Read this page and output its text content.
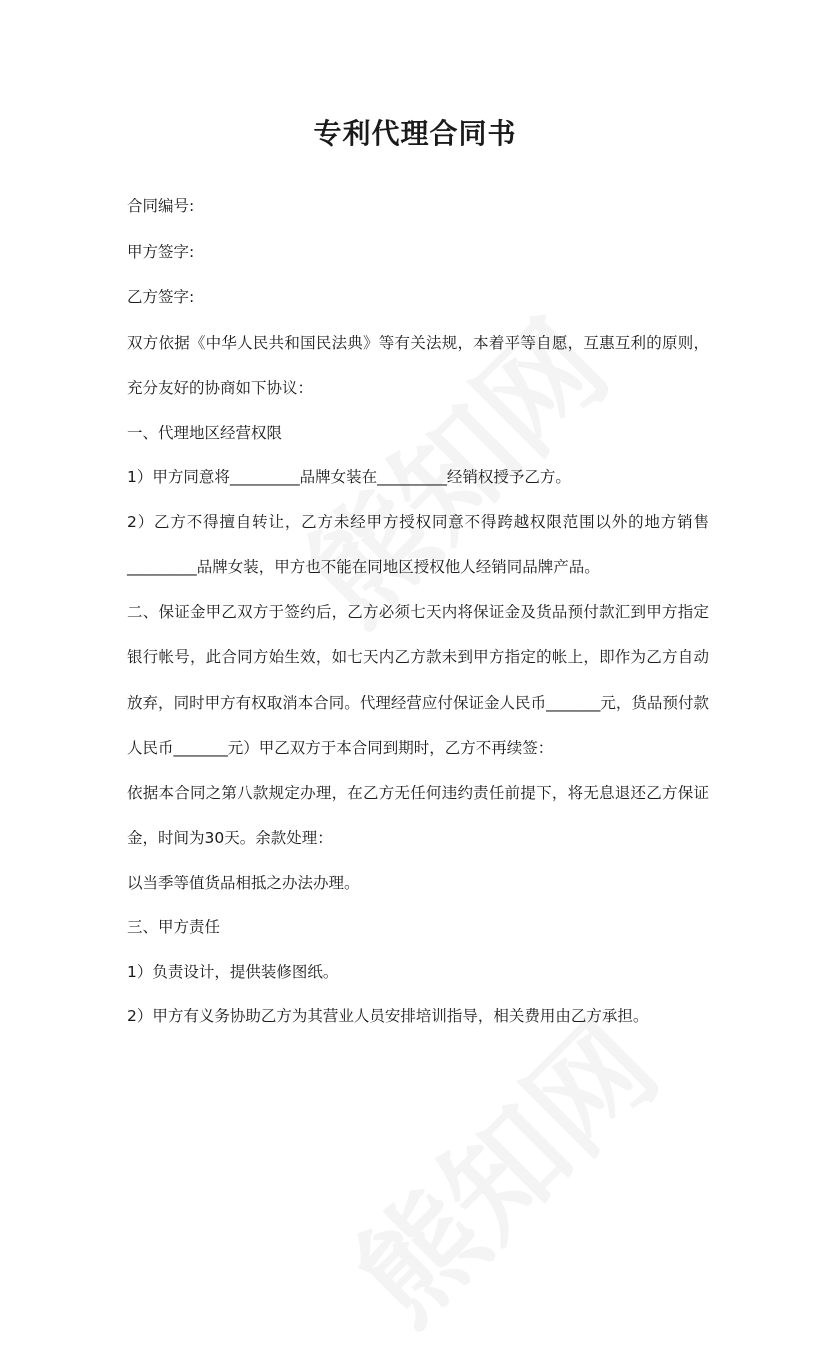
专利代理合同书

合同编号:

甲方签字:

乙方签字:

双方依据《中华人民共和国民法典》等有关法规，本着平等自愿，互惠互利的原则，充分友好的协商如下协议：

一、代理地区经营权限

1）甲方同意将_________品牌女装在_________经销权授予乙方。

2）乙方不得擅自转让，乙方未经甲方授权同意不得跨越权限范围以外的地方销售_________品牌女装，甲方也不能在同地区授权他人经销同品牌产品。

二、保证金甲乙双方于签约后，乙方必须七天内将保证金及货品预付款汇到甲方指定银行帐号，此合同方始生效，如七天内乙方款未到甲方指定的帐上，即作为乙方自动放弃，同时甲方有权取消本合同。代理经营应付保证金人民币_______元，货品预付款人民币_______元）甲乙双方于本合同到期时，乙方不再续签：

依据本合同之第八款规定办理，在乙方无任何违约责任前提下，将无息退还乙方保证金，时间为30天。余款处理：

以当季等值货品相抵之办法办理。

三、甲方责任

1）负责设计，提供装修图纸。

2）甲方有义务协助乙方为其营业人员安排培训指导，相关费用由乙方承担。
